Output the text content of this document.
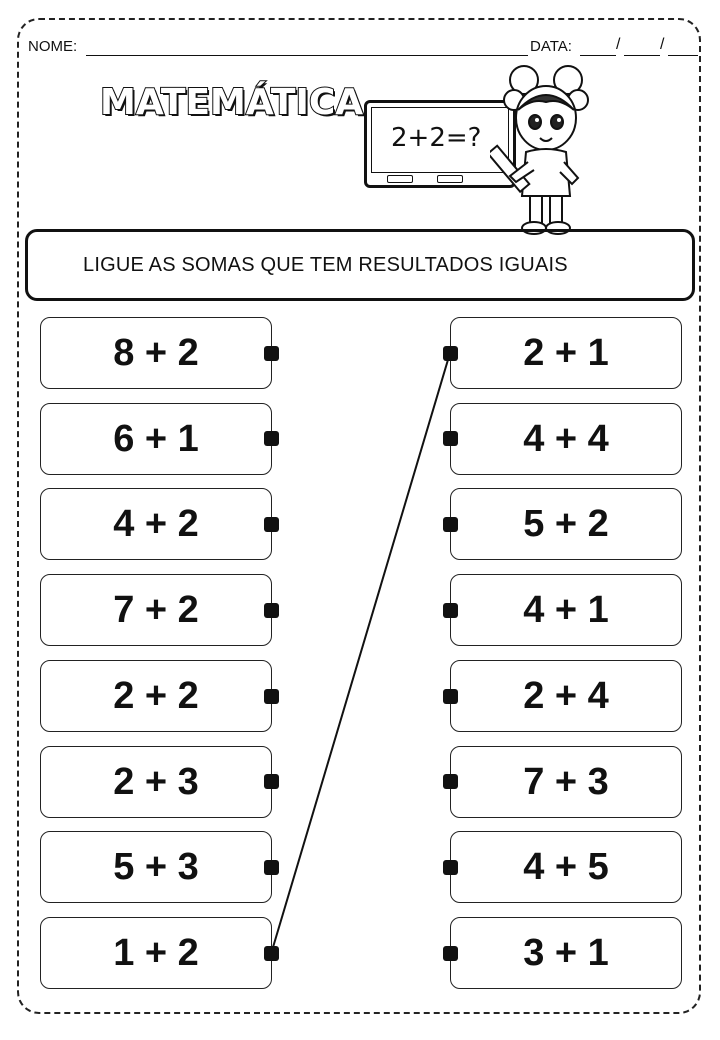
NOME:	DATA:	/ /
MATEMÁTICA
2+2=?
LIGUE AS SOMAS QUE TEM RESULTADOS IGUAIS
8 + 2
6 + 1
4 + 2
7 + 2
2 + 2
2 + 3
5 + 3
1 + 2
2 + 1
4 + 4
5 + 2
4 + 1
2 + 4
7 + 3
4 + 5
3 + 1
